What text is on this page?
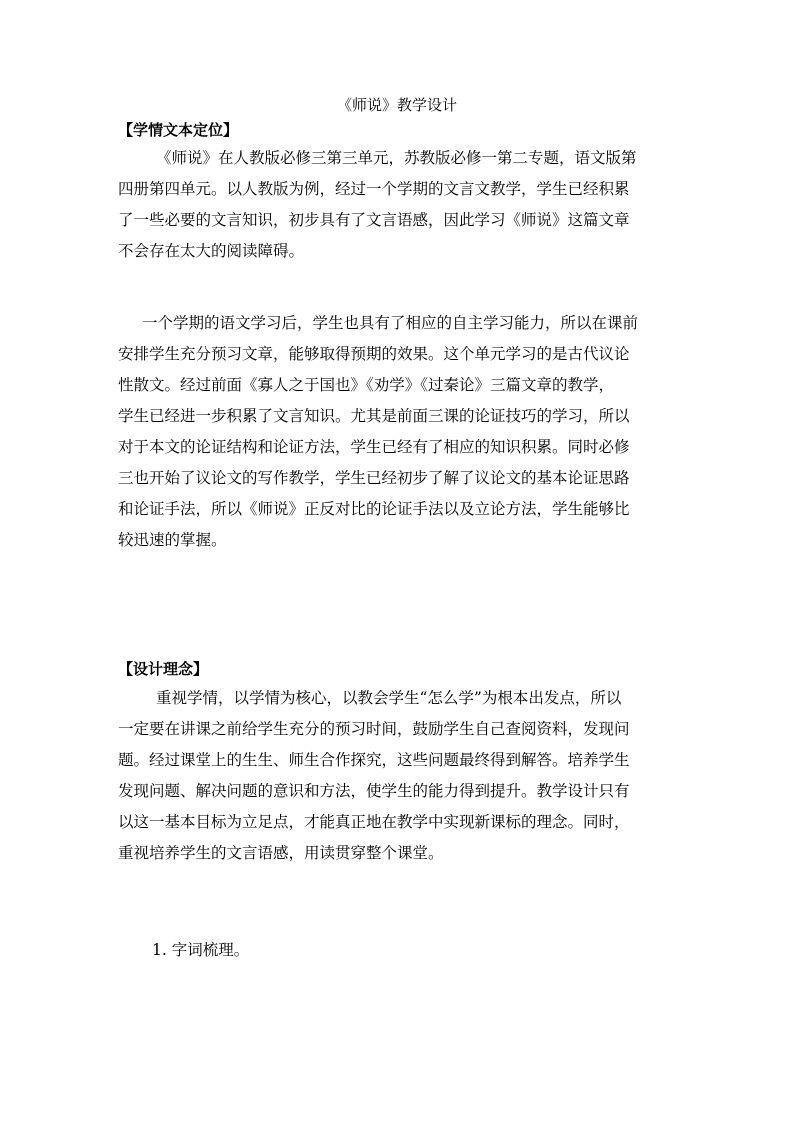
《师说》教学设计
【学情文本定位】
《师说》在人教版必修三第三单元，苏教版必修一第二专题，语文版第
四册第四单元。以人教版为例，经过一个学期的文言文教学，学生已经积累
了一些必要的文言知识，初步具有了文言语感，因此学习《师说》这篇文章
不会存在太大的阅读障碍。
一个学期的语文学习后，学生也具有了相应的自主学习能力，所以在课前
安排学生充分预习文章，能够取得预期的效果。这个单元学习的是古代议论
性散文。经过前面《寡人之于国也》《劝学》《过秦论》三篇文章的教学，
学生已经进一步积累了文言知识。尤其是前面三课的论证技巧的学习，所以
对于本文的论证结构和论证方法，学生已经有了相应的知识积累。同时必修
三也开始了议论文的写作教学，学生已经初步了解了议论文的基本论证思路
和论证手法，所以《师说》正反对比的论证手法以及立论方法，学生能够比
较迅速的掌握。
【设计理念】
重视学情，以学情为核心，以教会学生“怎么学”为根本出发点，所以
一定要在讲课之前给学生充分的预习时间，鼓励学生自己查阅资料，发现问
题。经过课堂上的生生、师生合作探究，这些问题最终得到解答。培养学生
发现问题、解决问题的意识和方法，使学生的能力得到提升。教学设计只有
以这一基本目标为立足点，才能真正地在教学中实现新课标的理念。同时，
重视培养学生的文言语感，用读贯穿整个课堂。
1. 字词梳理。
